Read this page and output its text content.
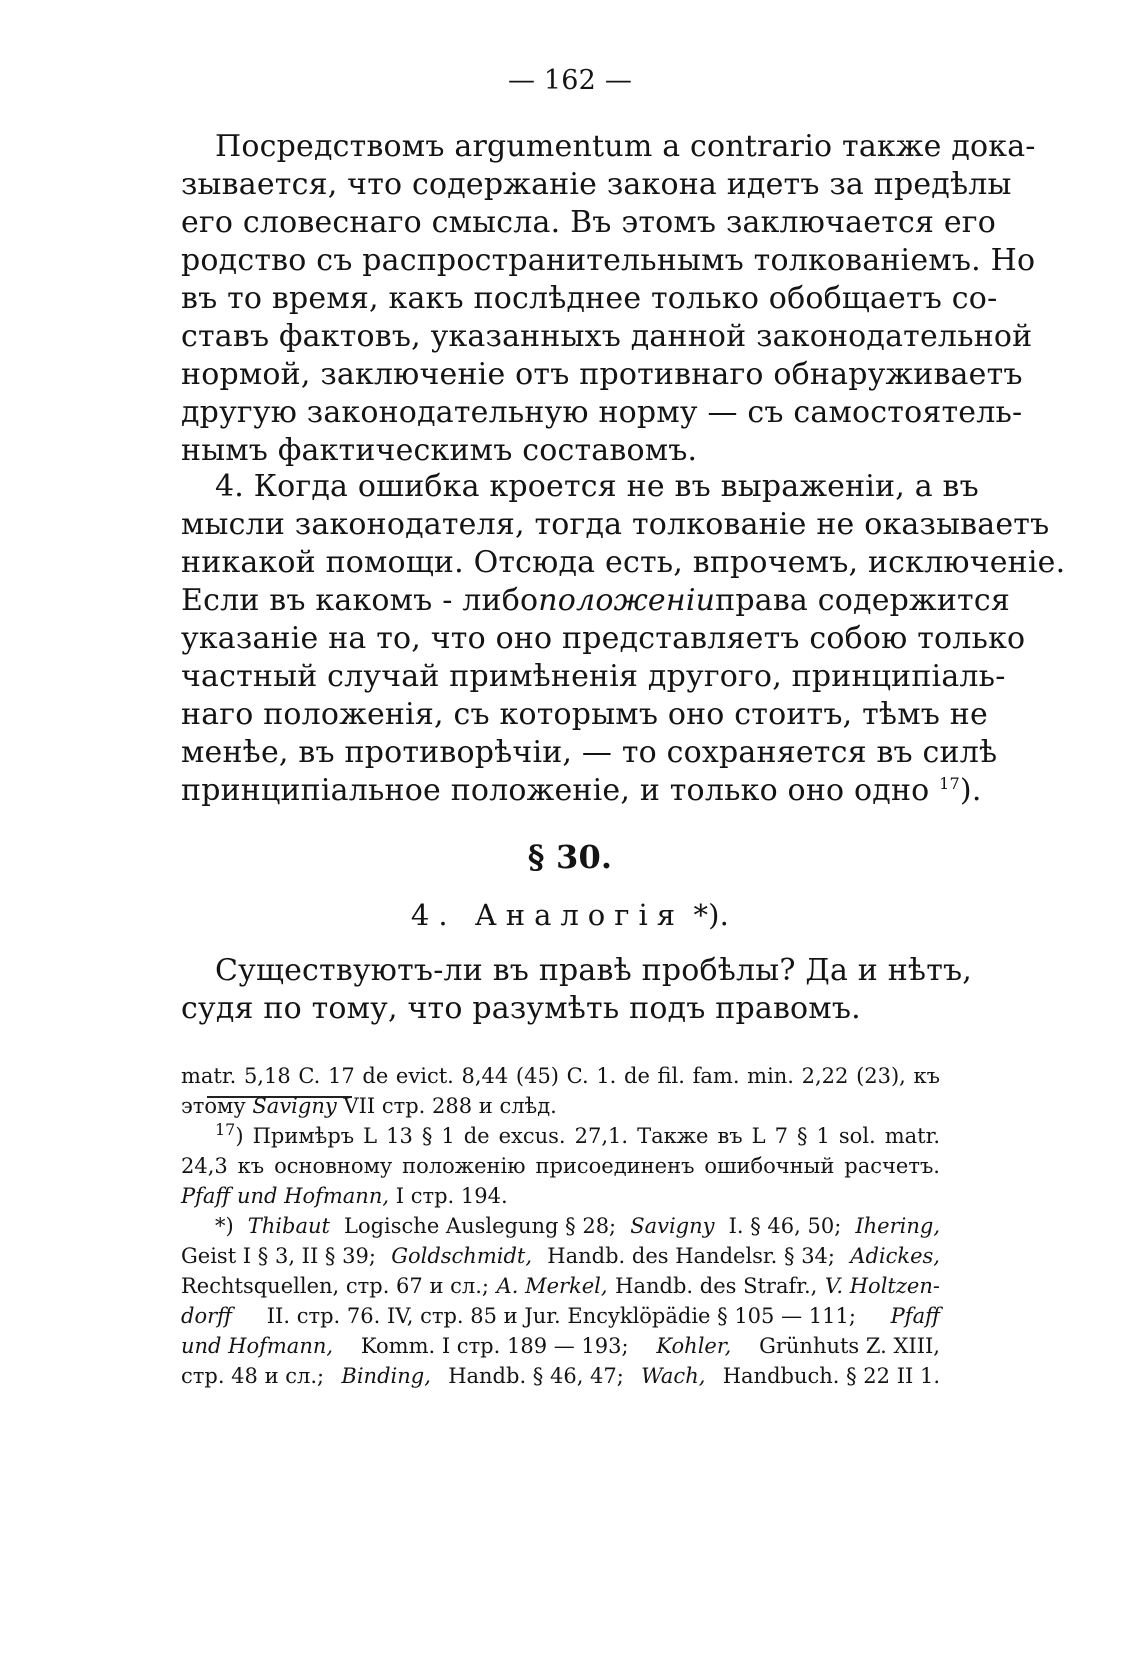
— 162 —
Посредствомъ argumentum a contrario также дока-
зывается, что содержаніе закона идетъ за предѣлы
его словеснаго смысла. Въ этомъ заключается его
родство съ распространительнымъ толкованіемъ. Но
въ то время, какъ послѣднее только обобщаетъ со-
ставъ фактовъ, указанныхъ данной законодательной
нормой, заключеніе отъ противнаго обнаруживаетъ
другую законодательную норму — съ самостоятель-
нымъ фактическимъ составомъ.
4. Когда ошибка кроется не въ выраженіи, а въ
мысли законодателя, тогда толкованіе не оказываетъ
никакой помощи. Отсюда есть, впрочемъ, исключеніе.
Если въ какомъ - либо положеніи права содержится
указаніе на то, что оно представляетъ собою только
частный случай примѣненія другого, принципіаль-
наго положенія, съ которымъ оно стоитъ, тѣмъ не
менѣе, въ противорѣчіи, — то сохраняется въ силѣ
принципіальное положеніе, и только оно одно $^{17}$).
§ 30.
4. Аналогія *).
Существуютъ-ли въ правѣ пробѣлы? Да и нѣтъ,
судя по тому, что разумѣть подъ правомъ.
matr. 5,18 C. 17 de evict. 8,44 (45) C. 1. de fil. fam. min. 2,22 (23), къ
этому Savigny VII стр. 288 и слѣд.
$^{17}$) Примѣръ L 13 § 1 de excus. 27,1. Также въ L 7 § 1 sol. matr.
24,3 къ основному положенію присоединенъ ошибочный расчетъ.
Pfaff und Hofmann, I стр. 194.
*) Thibaut Logische Auslegung § 28; Savigny I. § 46, 50; Ihering,
Geist I § 3, II § 39; Goldschmidt, Handb. des Handelsr. § 34; Adickes,
Rechtsquellen, стр. 67 и сл.; A. Merkel, Handb. des Strafr., V. Holtzen-
dorff II. стр. 76. IV, стр. 85 и Jur. Encyklöpädie § 105 — 111; Pfaff
und Hofmann, Komm. I стр. 189 — 193; Kohler, Grünhuts Z. XIII,
стр. 48 и сл.; Binding, Handb. § 46, 47; Wach, Handbuch. § 22 II 1.
